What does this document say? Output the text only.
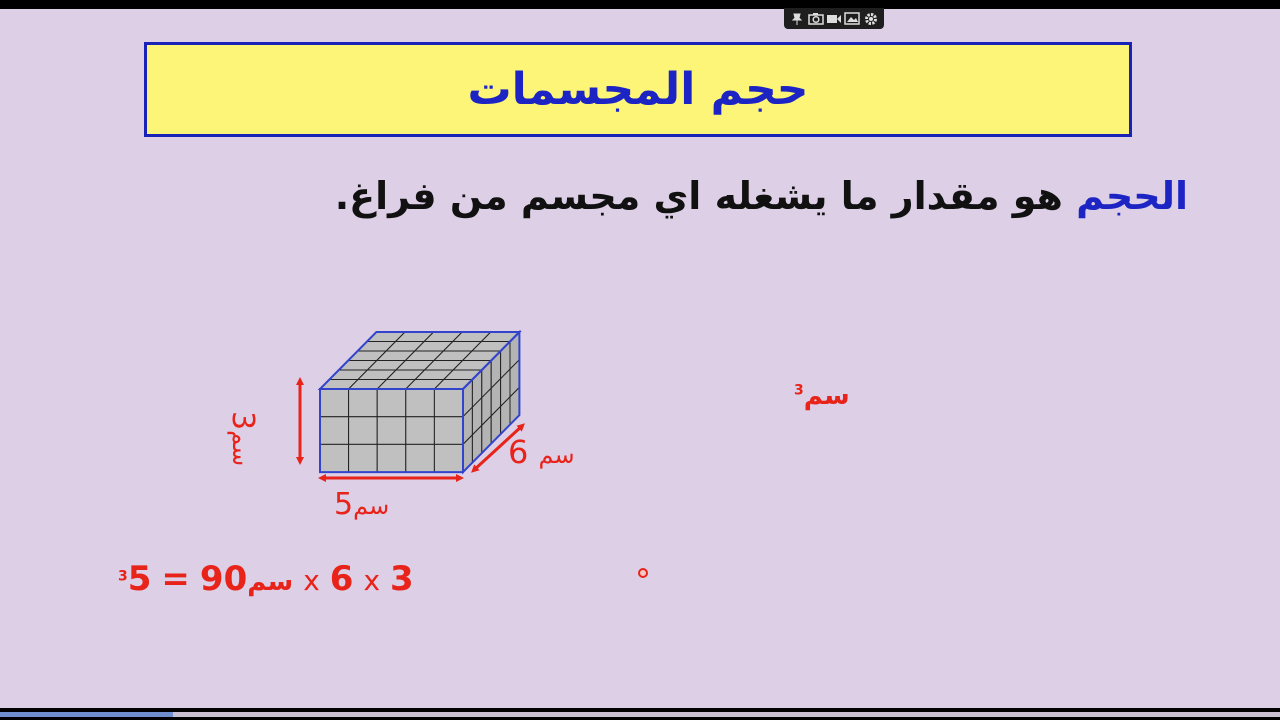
حجم المجسمات
الحجم هو مقدار ما يشغله اي مجسم من فراغ.
سم5
سم 6
3سم
سم$^3$
$^3$	سم90=5	x 6 x 3
